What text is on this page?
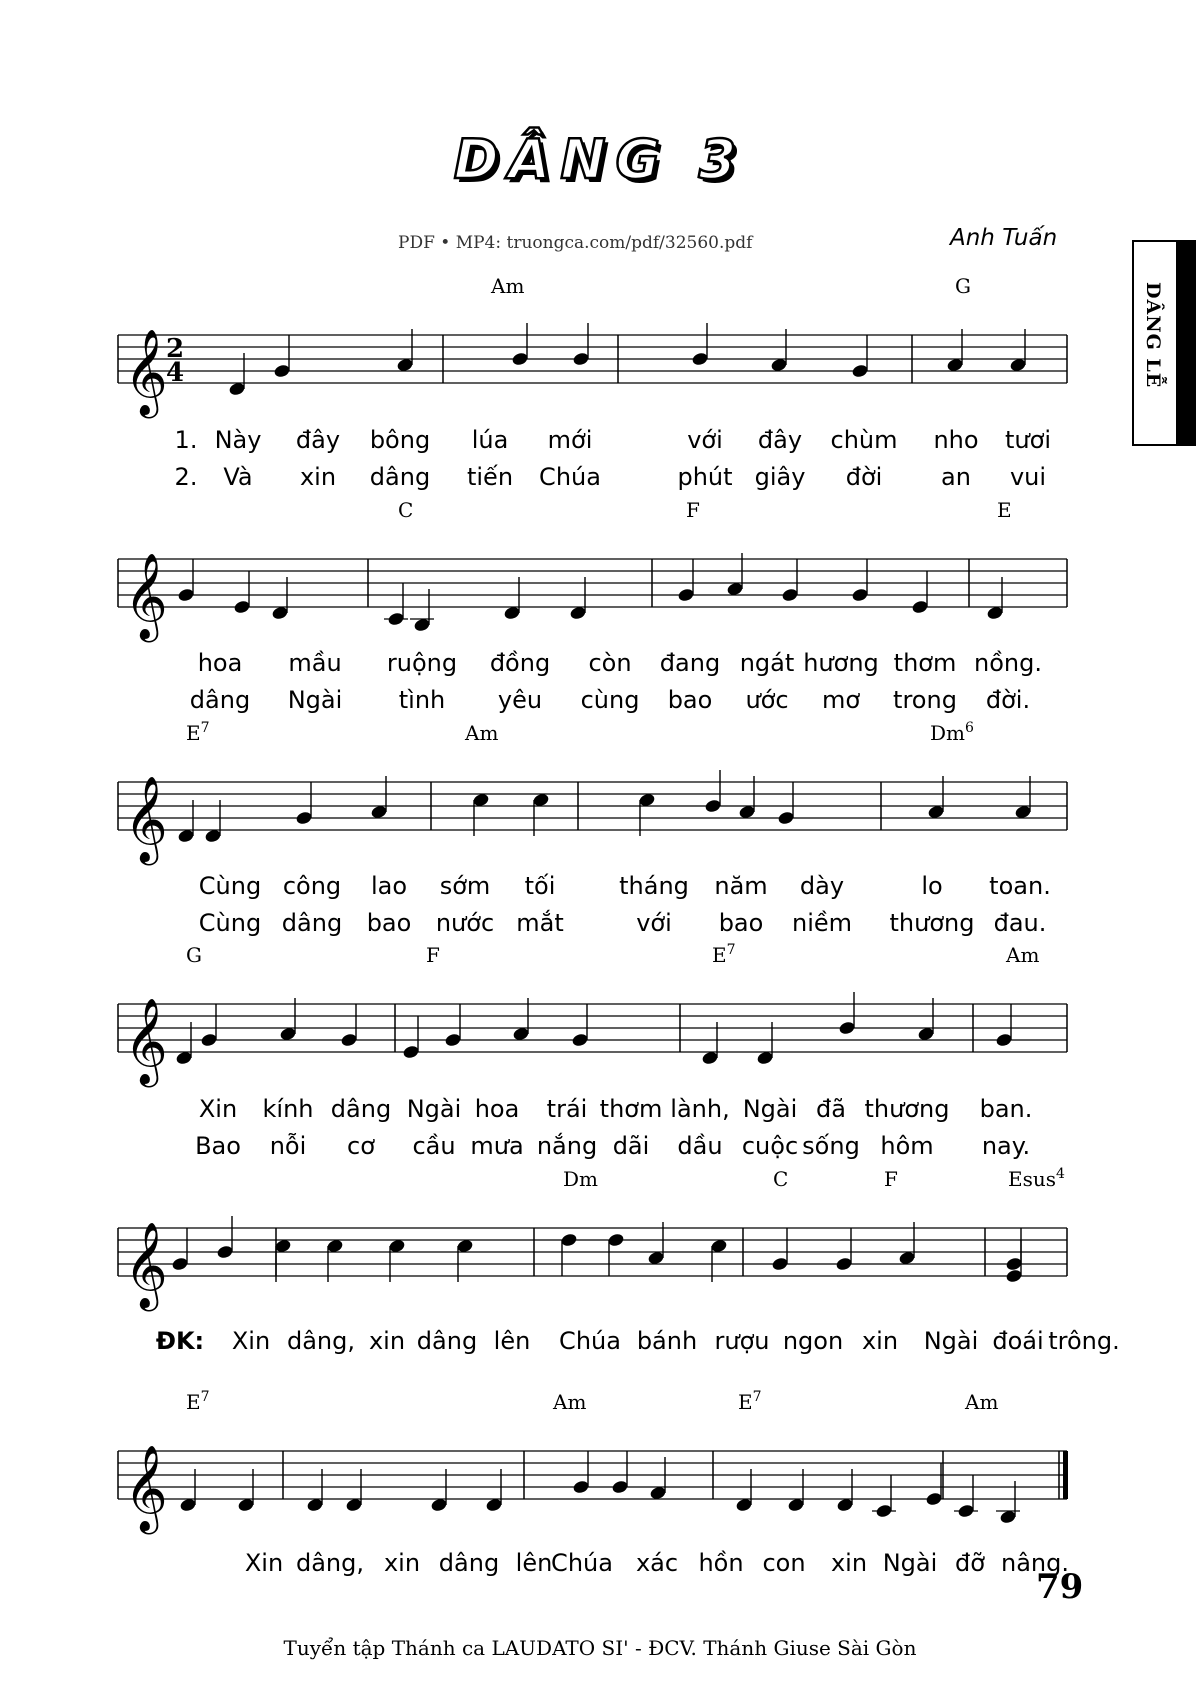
DÂNG 3
PDF • MP4: truongca.com/pdf/32560.pdf	Anh Tuấn
DÂNG LỄ
𝄞
2
4
𝄞
𝄞
𝄞
𝄞
𝄞
Am	G
C	F	E
$E^7$	Am	Dm$^6$
G	F	$E^7$	Am
Dm	C	F	Esus$^4$
$E^7$	Am	$E^7$	Am
1. Này đây bông lúa mới	với đây chùm nho tươi
2. Và xin dâng tiến Chúa	phút giây đời an vui
hoa mầu ruộng đồng còn đang ngát hương thơm nồng.
dâng Ngài tình yêu cùng bao ước mơ trong đời.
Cùng công lao sớm tối	tháng năm dày	lo toan.
Cùng dâng bao nước mắt	với bao niềm thương đau.
Xin kính dâng Ngài hoa trái thơm lành, Ngài đã thương ban.
Bao nỗi cơ cầu mưa nắng dãi dầu cuộc sống hôm nay.
ĐK: Xin dâng, xin dâng lên Chúa bánh rượu ngon xin Ngài đoái trông.
Xin dâng, xin dâng lên
Chúa xác hồn con xin Ngài đỡ nâng.
79
Tuyển tập Thánh ca LAUDATO SI' - ĐCV. Thánh Giuse Sài Gòn
